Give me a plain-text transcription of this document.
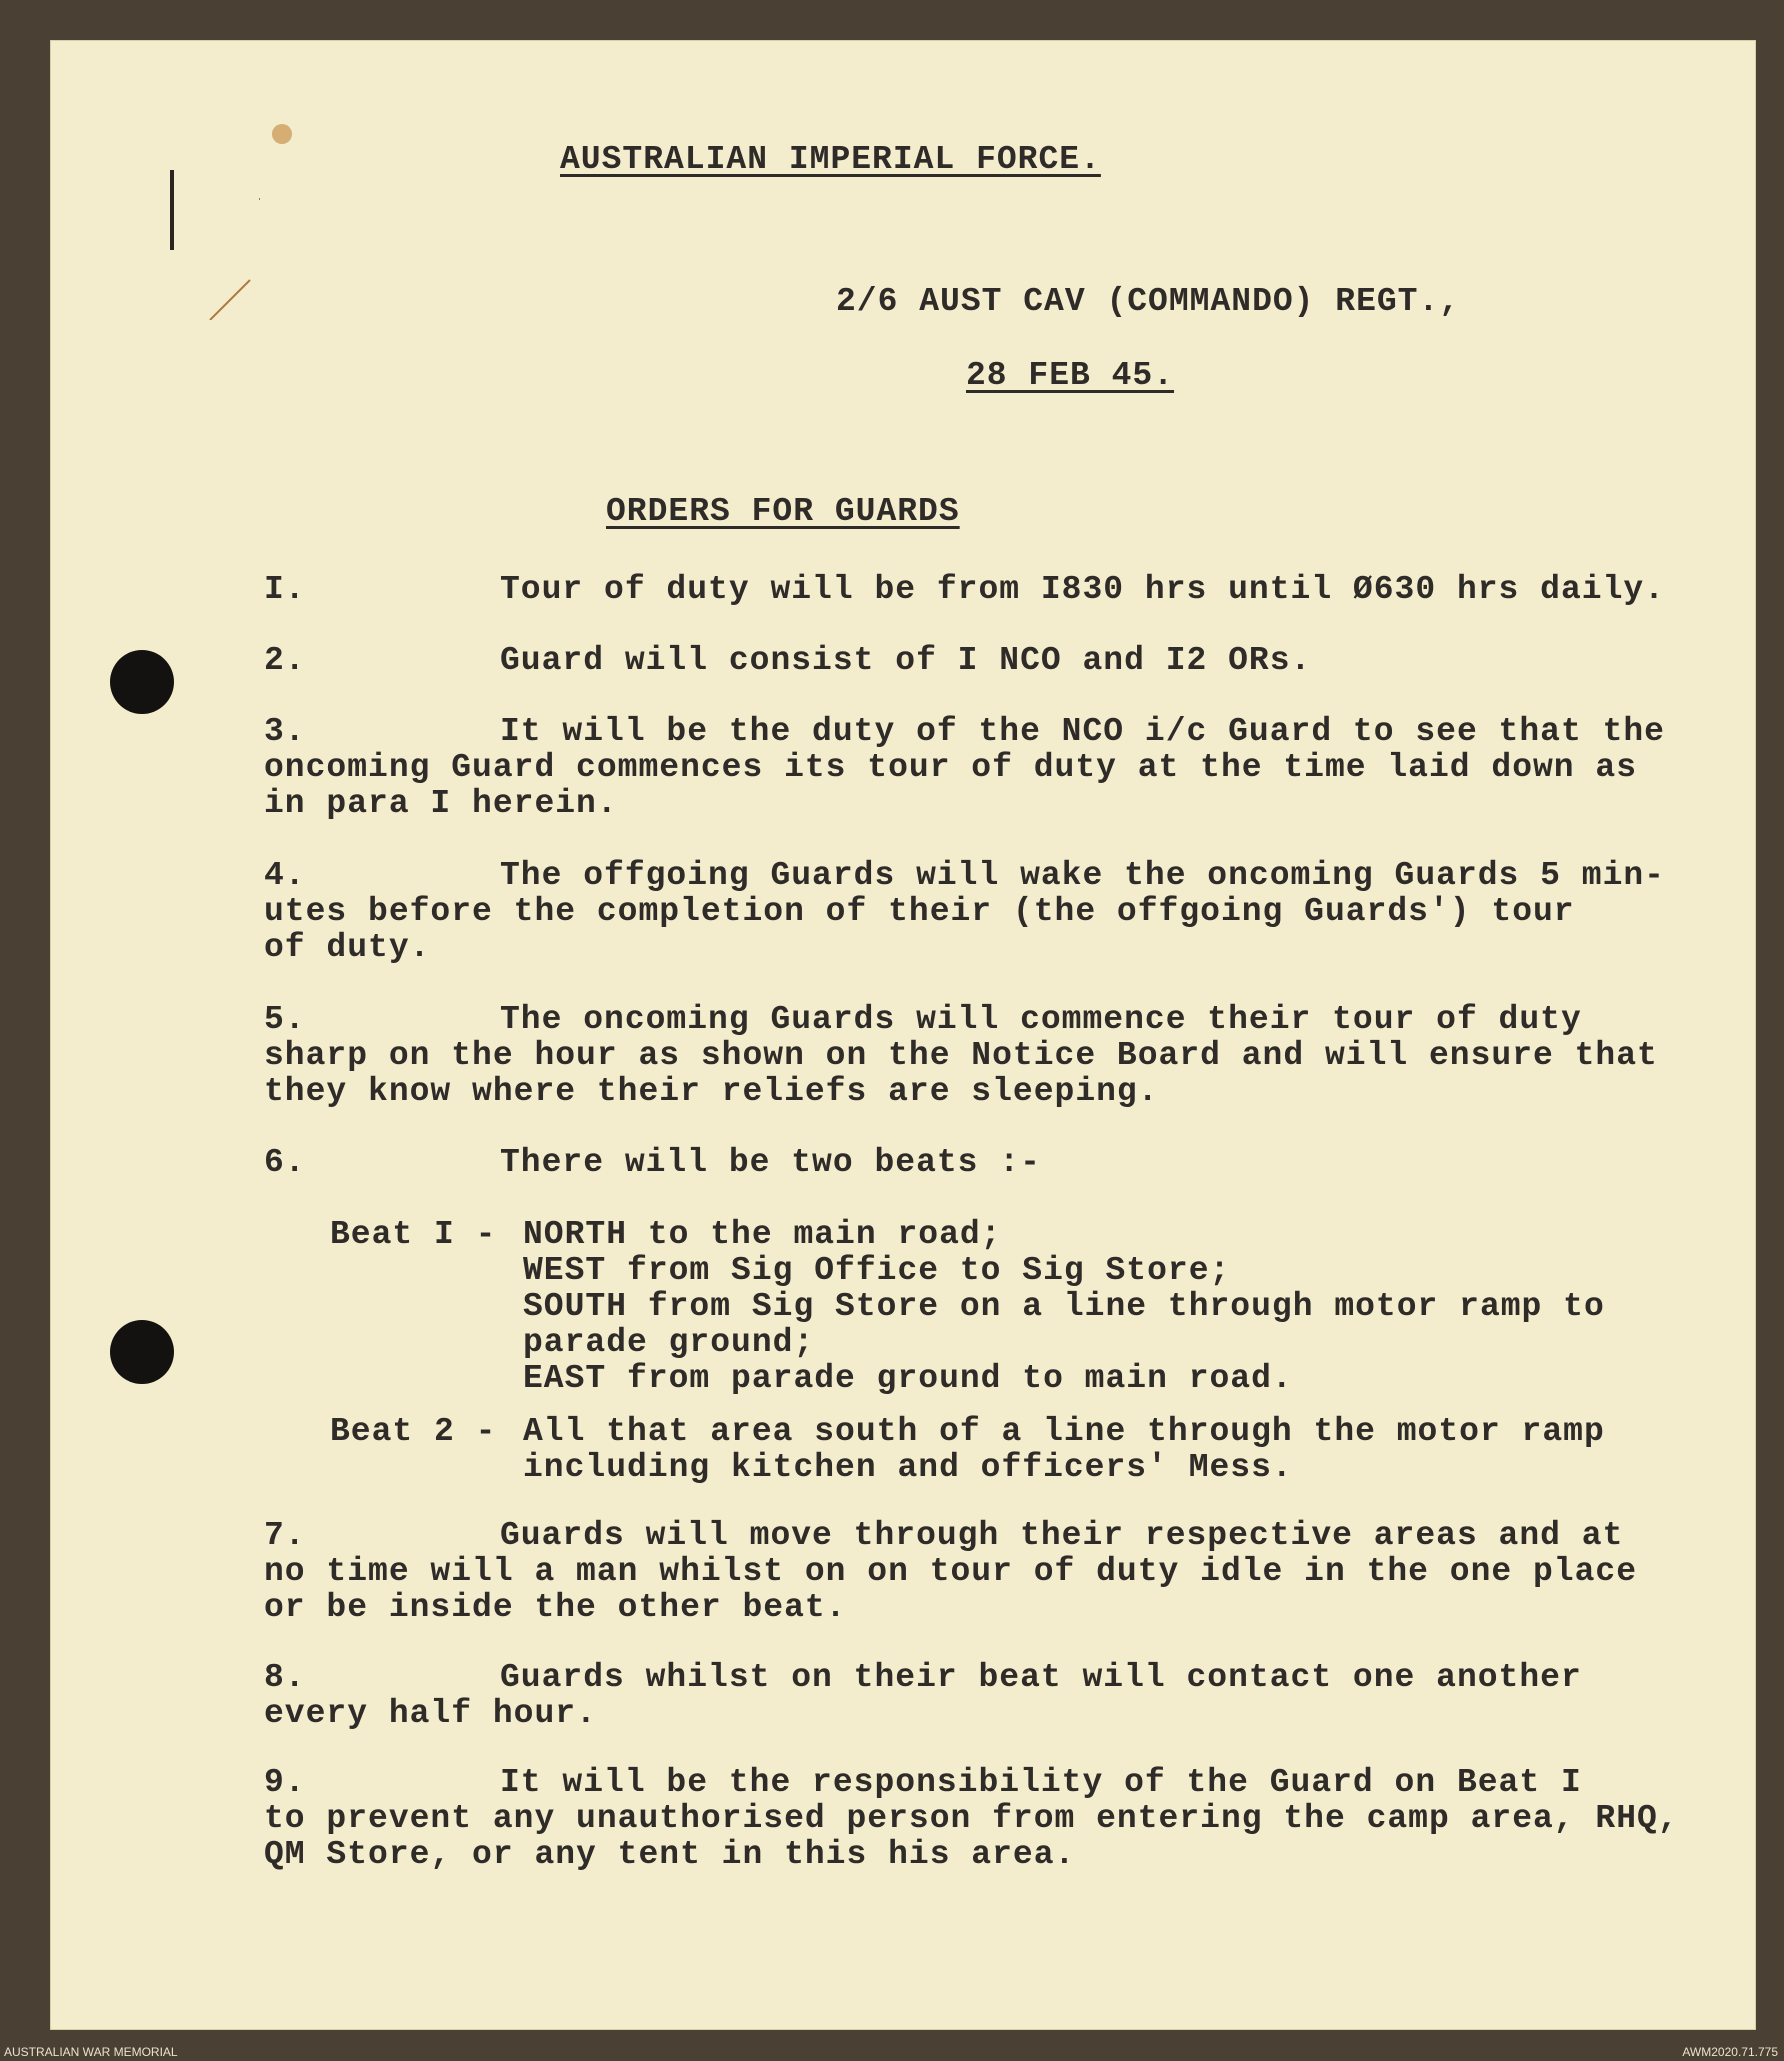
AUSTRALIAN IMPERIAL FORCE.
2/6 AUST CAV (COMMANDO) REGT.,
28 FEB 45.
ORDERS FOR GUARDS
I.	Tour of duty will be from I830 hrs until Ø630 hrs daily.
2.	Guard will consist of I NCO and I2 ORs.
3.	It will be the duty of the NCO i/c Guard to see that the
oncoming Guard commences its tour of duty at the time laid down as
in para I herein.
4.	The offgoing Guards will wake the oncoming Guards 5 min-
utes before the completion of their (the offgoing Guards') tour
of duty.
5.	The oncoming Guards will commence their tour of duty
sharp on the hour as shown on the Notice Board and will ensure that
they know where their reliefs are sleeping.
6.	There will be two beats :-
Beat I - NORTH to the main road;
WEST from Sig Office to Sig Store;
SOUTH from Sig Store on a line through motor ramp to
parade ground;
EAST from parade ground to main road.
Beat 2 - All that area south of a line through the motor ramp
including kitchen and officers' Mess.
7.	Guards will move through their respective areas and at
no time will a man whilst on on tour of duty idle in the one place
or be inside the other beat.
8.	Guards whilst on their beat will contact one another
every half hour.
9.	It will be the responsibility of the Guard on Beat I
to prevent any unauthorised person from entering the camp area, RHQ,
QM Store, or any tent in this his area.
AUSTRALIAN WAR MEMORIAL	AWM2020.71.775
